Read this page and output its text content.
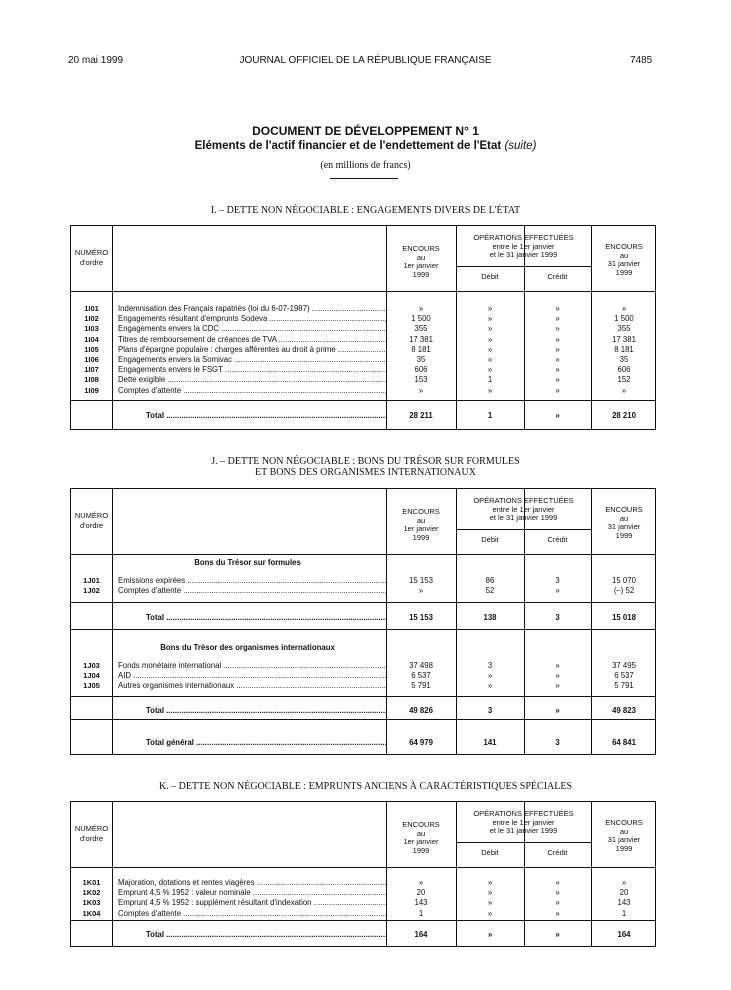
20 mai 1999	JOURNAL OFFICIEL DE LA RÉPUBLIQUE FRANÇAISE	7485
DOCUMENT DE DÉVELOPPEMENT N° 1
Eléments de l'actif financier et de l'endettement de l'Etat (suite)
(en millions de francs)
I. – DETTE NON NÉGOCIABLE : ENGAGEMENTS DIVERS DE L'ÉTAT
NUMÉRO
d'ordre
ENCOURS
au
1er janvier
1999
OPÉRATIONS EFFECTUÉES
entre le 1er janvier
et le 31 janvier 1999
Débit	Crédit
ENCOURS
au
31 janvier
1999
1I01	Indemnisation des Français rapatriés (loi du 6-07-1987) .....	»	»	»	»
1I02	Engagements résultant d'emprunts Sodeva .....	1 500	»	»	1 500
1I03	Engagements envers la CDC .....	355	»	»	355
1I04	Titres de remboursement de créances de TVA .....	17 381	»	»	17 381
1I05	Plans d'épargne populaire : charges afférentes au droit à prime .....	8 181	»	»	8 181
1I06	Engagements envers la Somivac .....	35	»	»	35
1I07	Engagements envers le FSGT .....	606	»	»	606
1I08	Dette exigible .....	153	1	»	152
1I09	Comptes d'attente .....	»	»	»	»
Total .....	28 211	1	»	28 210
J. – DETTE NON NÉGOCIABLE : BONS DU TRÉSOR SUR FORMULES
ET BONS DES ORGANISMES INTERNATIONAUX
NUMÉRO
d'ordre
ENCOURS
au
1er janvier
1999
OPÉRATIONS EFFECTUÉES
entre le 1er janvier
et le 31 janvier 1999
Débit	Crédit
ENCOURS
au
31 janvier
1999
Bons du Trésor sur formules
1J01	Emissions expirées .....	15 153	86	3	15 070
1J02	Comptes d'attente .....	»	52	»	(–) 52
Total .....	15 153	138	3	15 018
Bons du Trésor des organismes internationaux
1J03	Fonds monétaire international .....	37 498	3	»	37 495
1J04	AID .....	6 537	»	»	6 537
1J05	Autres organismes internationaux .....	5 791	»	»	5 791
Total .....	49 826	3	»	49 823
Total général .....	64 979	141	3	64 841
K. – DETTE NON NÉGOCIABLE : EMPRUNTS ANCIENS À CARACTÉRISTIQUES SPÉCIALES
NUMÉRO
d'ordre
ENCOURS
au
1er janvier
1999
OPÉRATIONS EFFECTUÉES
entre le 1er janvier
et le 31 janvier 1999
Débit	Crédit
ENCOURS
au
31 janvier
1999
1K01	Majoration, dotations et rentes viagères .....	»	»	»	»
1K02	Emprunt 4,5 % 1952 : valeur nominale .....	20	»	»	20
1K03	Emprunt 4,5 % 1952 : supplément résultant d'indexation .....	143	»	»	143
1K04	Comptes d'attente .....	1	»	»	1
Total .....	164	»	»	164
